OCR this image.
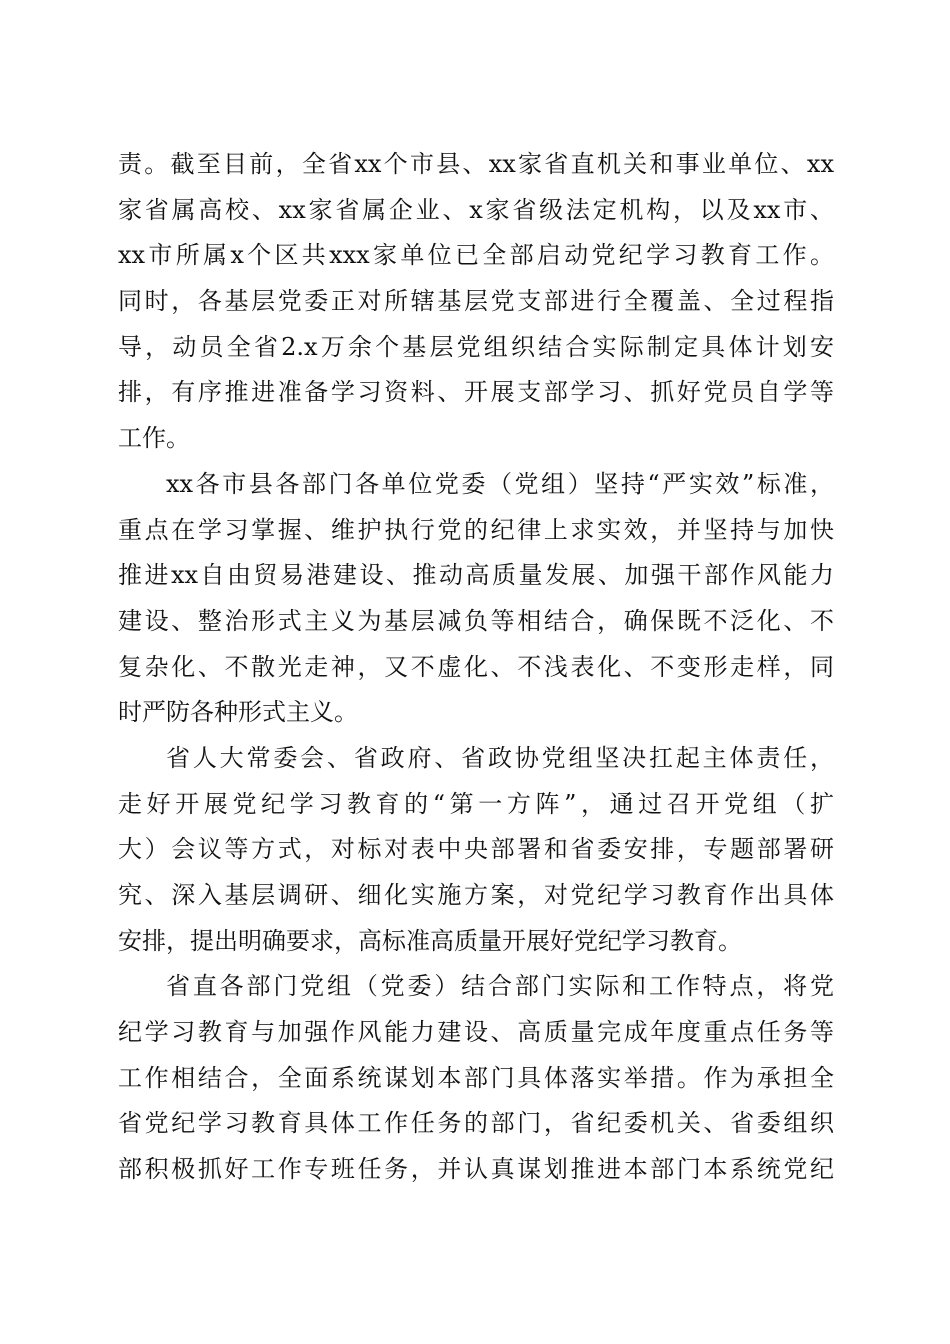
责。截至目前，全省xx个市县、xx家省直机关和事业单位、xx
家省属高校、xx家省属企业、x家省级法定机构，以及xx市、
xx市所属x个区共xxx家单位已全部启动党纪学习教育工作。
同时，各基层党委正对所辖基层党支部进行全覆盖、全过程指
导，动员全省2.x万余个基层党组织结合实际制定具体计划安
排，有序推进准备学习资料、开展支部学习、抓好党员自学等
工作。
xx各市县各部门各单位党委（党组）坚持“严实效”标准，
重点在学习掌握、维护执行党的纪律上求实效，并坚持与加快
推进xx自由贸易港建设、推动高质量发展、加强干部作风能力
建设、整治形式主义为基层减负等相结合，确保既不泛化、不
复杂化、不散光走神，又不虚化、不浅表化、不变形走样，同
时严防各种形式主义。
省人大常委会、省政府、省政协党组坚决扛起主体责任，
走好开展党纪学习教育的“第一方阵”，通过召开党组（扩
大）会议等方式，对标对表中央部署和省委安排，专题部署研
究、深入基层调研、细化实施方案，对党纪学习教育作出具体
安排，提出明确要求，高标准高质量开展好党纪学习教育。
省直各部门党组（党委）结合部门实际和工作特点，将党
纪学习教育与加强作风能力建设、高质量完成年度重点任务等
工作相结合，全面系统谋划本部门具体落实举措。作为承担全
省党纪学习教育具体工作任务的部门，省纪委机关、省委组织
部积极抓好工作专班任务，并认真谋划推进本部门本系统党纪
